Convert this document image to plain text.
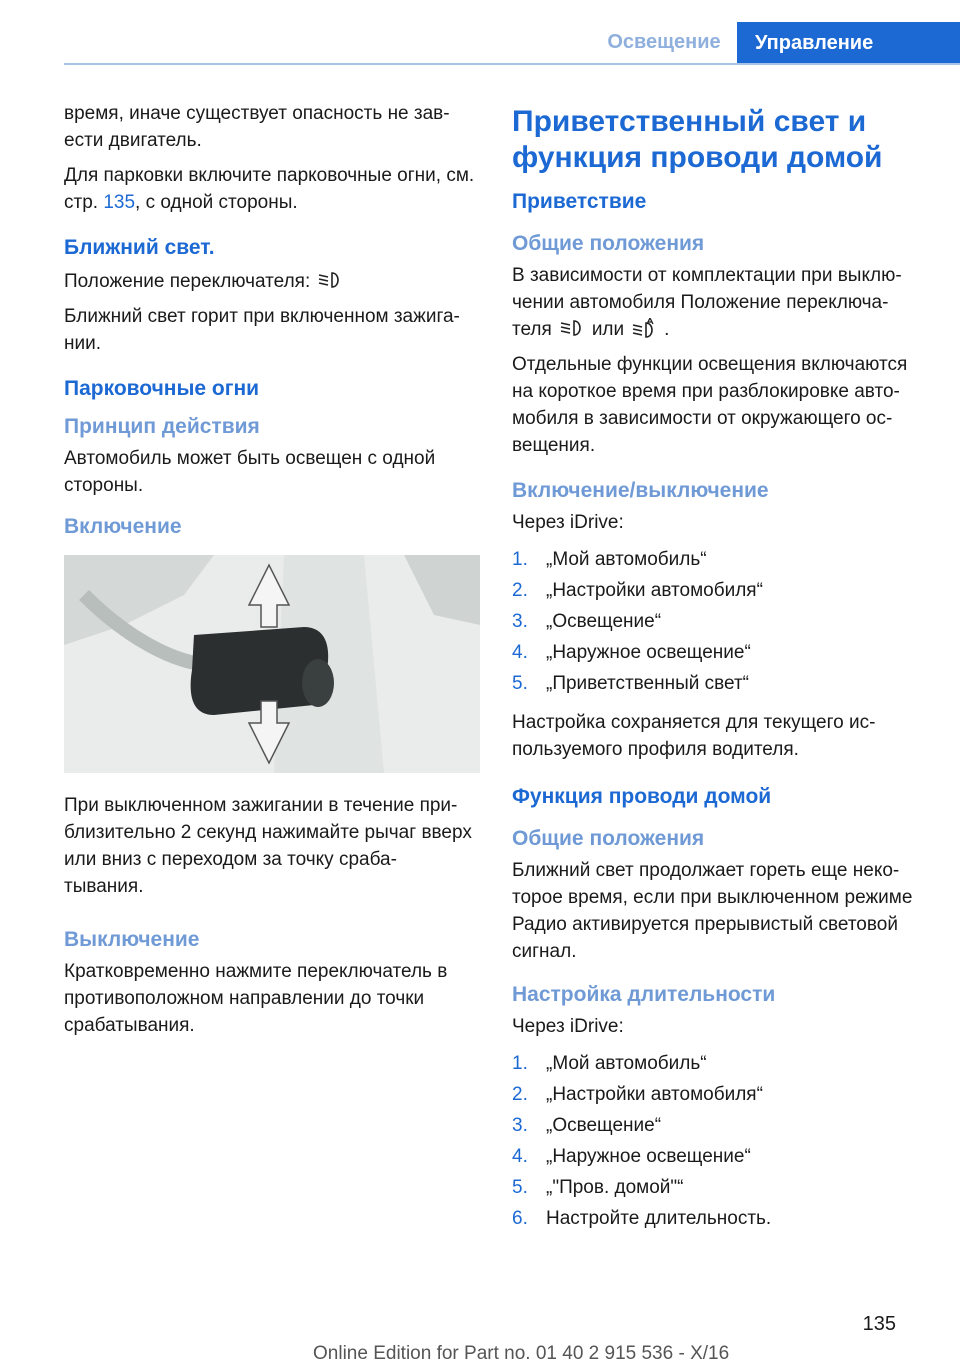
Освещение	Управление

время, иначе существует опасность не зав‐ ести двигатель.

Для парковки включите парковочные огни, см. стр. 135, с одной стороны.

Ближний свет.

Положение переключателя:

Ближний свет горит при включенном зажига‐ нии.

Парковочные огни
Принцип действия

Автомобиль может быть освещен с одной стороны.

Включение

При выключенном зажигании в течение при‐ близительно 2 секунд нажимайте рычаг вверх или вниз с переходом за точку сраба‐ тывания.

Выключение

Кратковременно нажмите переключатель в противоположном направлении до точки срабатывания.

Приветственный свет и функция проводи домой
Приветствие
Общие положения

В зависимости от комплектации при выклю‐ чении автомобиля Положение переключа‐ теля или .

Отдельные функции освещения включаются на короткое время при разблокировке авто‐ мобиля в зависимости от окружающего ос‐ вещения.

Включение/выключение

Через iDrive:

1. „Мой автомобиль“
2. „Настройки автомобиля“
3. „Освещение“
4. „Наружное освещение“
5. „Приветственный свет“

Настройка сохраняется для текущего ис‐ пользуемого профиля водителя.

Функция проводи домой
Общие положения

Ближний свет продолжает гореть еще неко‐ торое время, если при выключенном режиме Радио активируется прерывистый световой сигнал.

Настройка длительности

Через iDrive:

1. „Мой автомобиль“
2. „Настройки автомобиля“
3. „Освещение“
4. „Наружное освещение“
5. „"Пров. домой"“
6. Настройте длительность.
135
Online Edition for Part no. 01 40 2 915 536 - X/16
